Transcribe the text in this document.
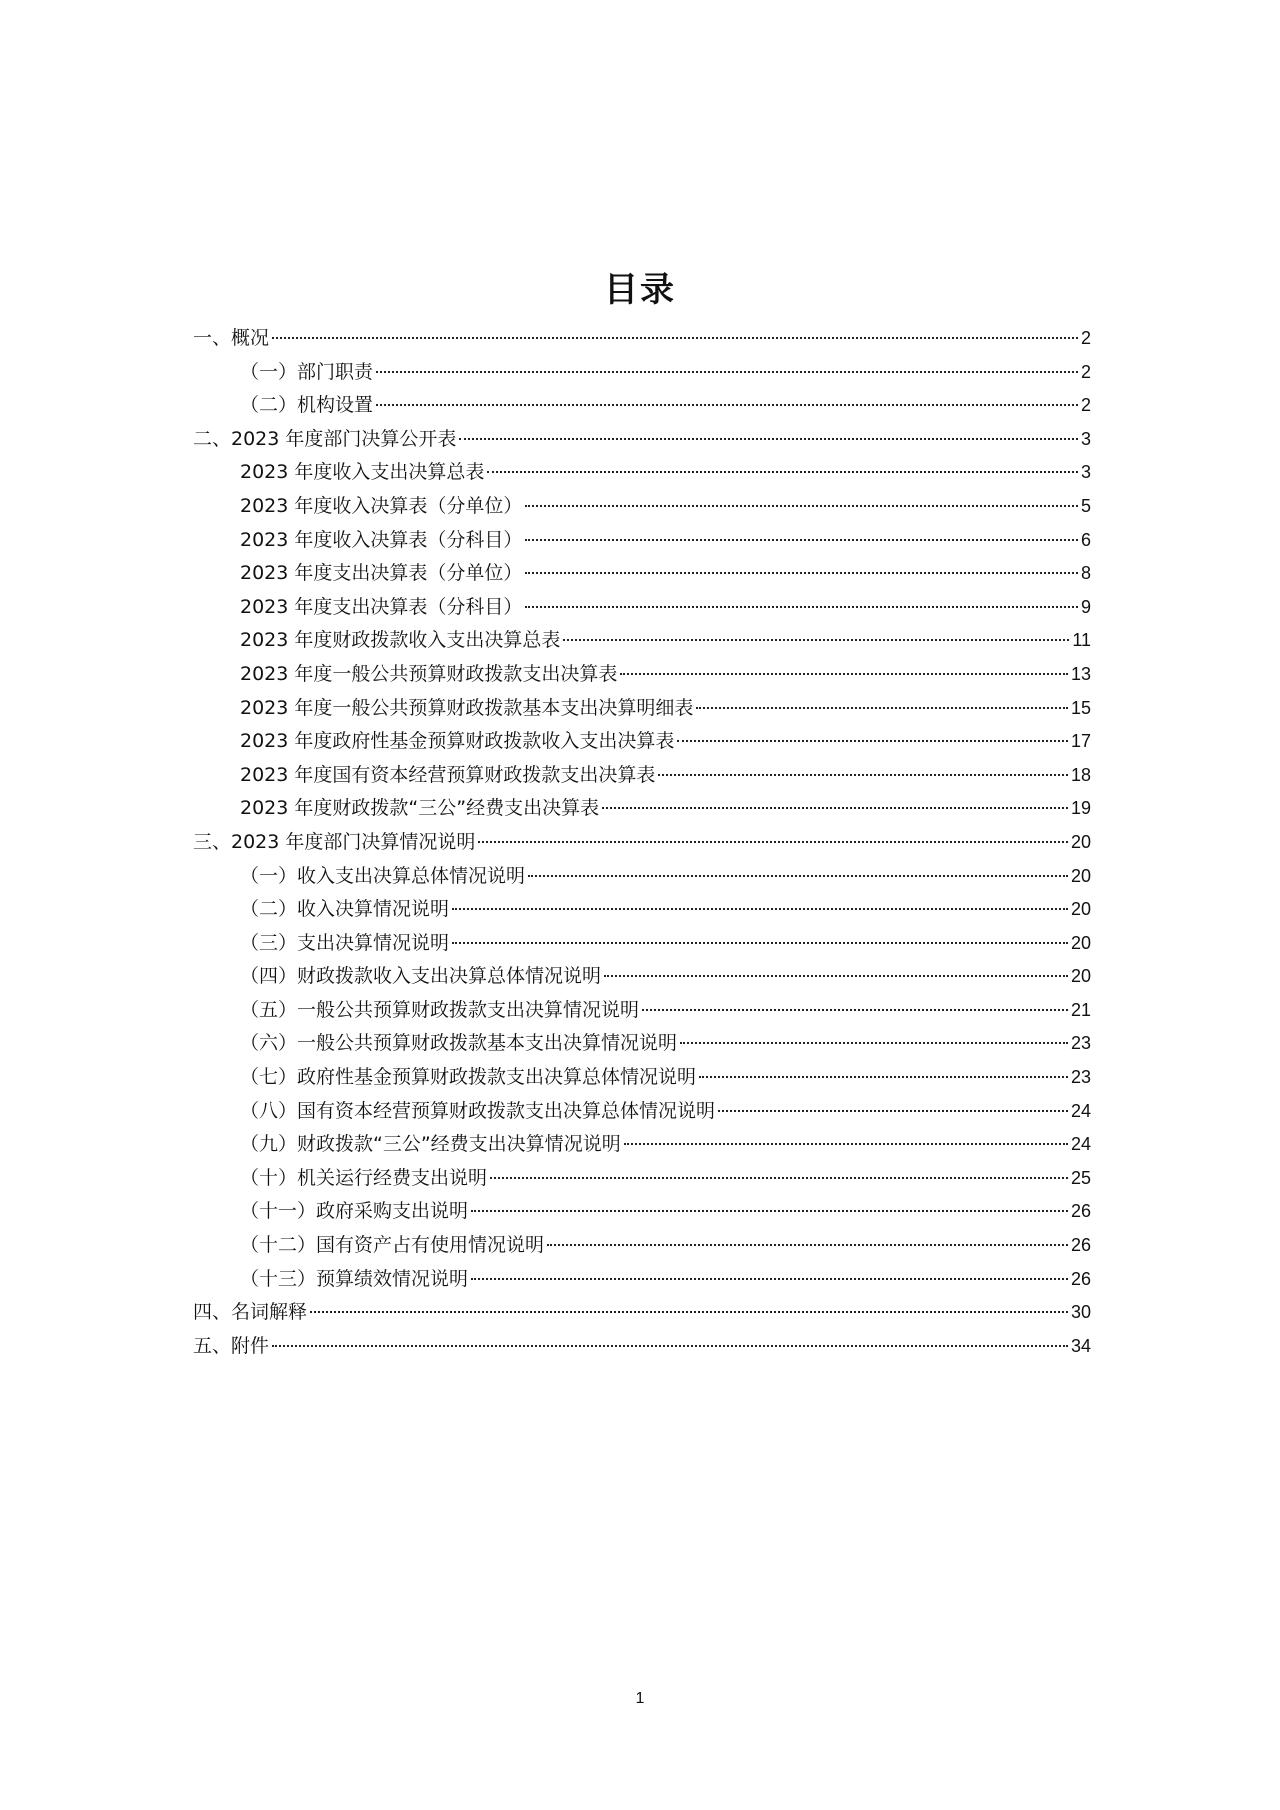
目录
一、概况	2
（一）部门职责	2
（二）机构设置	2
二、2023 年度部门决算公开表	3
2023 年度收入支出决算总表	3
2023 年度收入决算表（分单位）	5
2023 年度收入决算表（分科目）	6
2023 年度支出决算表（分单位）	8
2023 年度支出决算表（分科目）	9
2023 年度财政拨款收入支出决算总表	11
2023 年度一般公共预算财政拨款支出决算表	13
2023 年度一般公共预算财政拨款基本支出决算明细表	15
2023 年度政府性基金预算财政拨款收入支出决算表	17
2023 年度国有资本经营预算财政拨款支出决算表	18
2023 年度财政拨款“三公”经费支出决算表	19
三、2023 年度部门决算情况说明	20
（一）收入支出决算总体情况说明	20
（二）收入决算情况说明	20
（三）支出决算情况说明	20
（四）财政拨款收入支出决算总体情况说明	20
（五）一般公共预算财政拨款支出决算情况说明	21
（六）一般公共预算财政拨款基本支出决算情况说明	23
（七）政府性基金预算财政拨款支出决算总体情况说明	23
（八）国有资本经营预算财政拨款支出决算总体情况说明	24
（九）财政拨款“三公”经费支出决算情况说明	24
（十）机关运行经费支出说明	25
（十一）政府采购支出说明	26
（十二）国有资产占有使用情况说明	26
（十三）预算绩效情况说明	26
四、名词解释	30
五、附件	34
1
